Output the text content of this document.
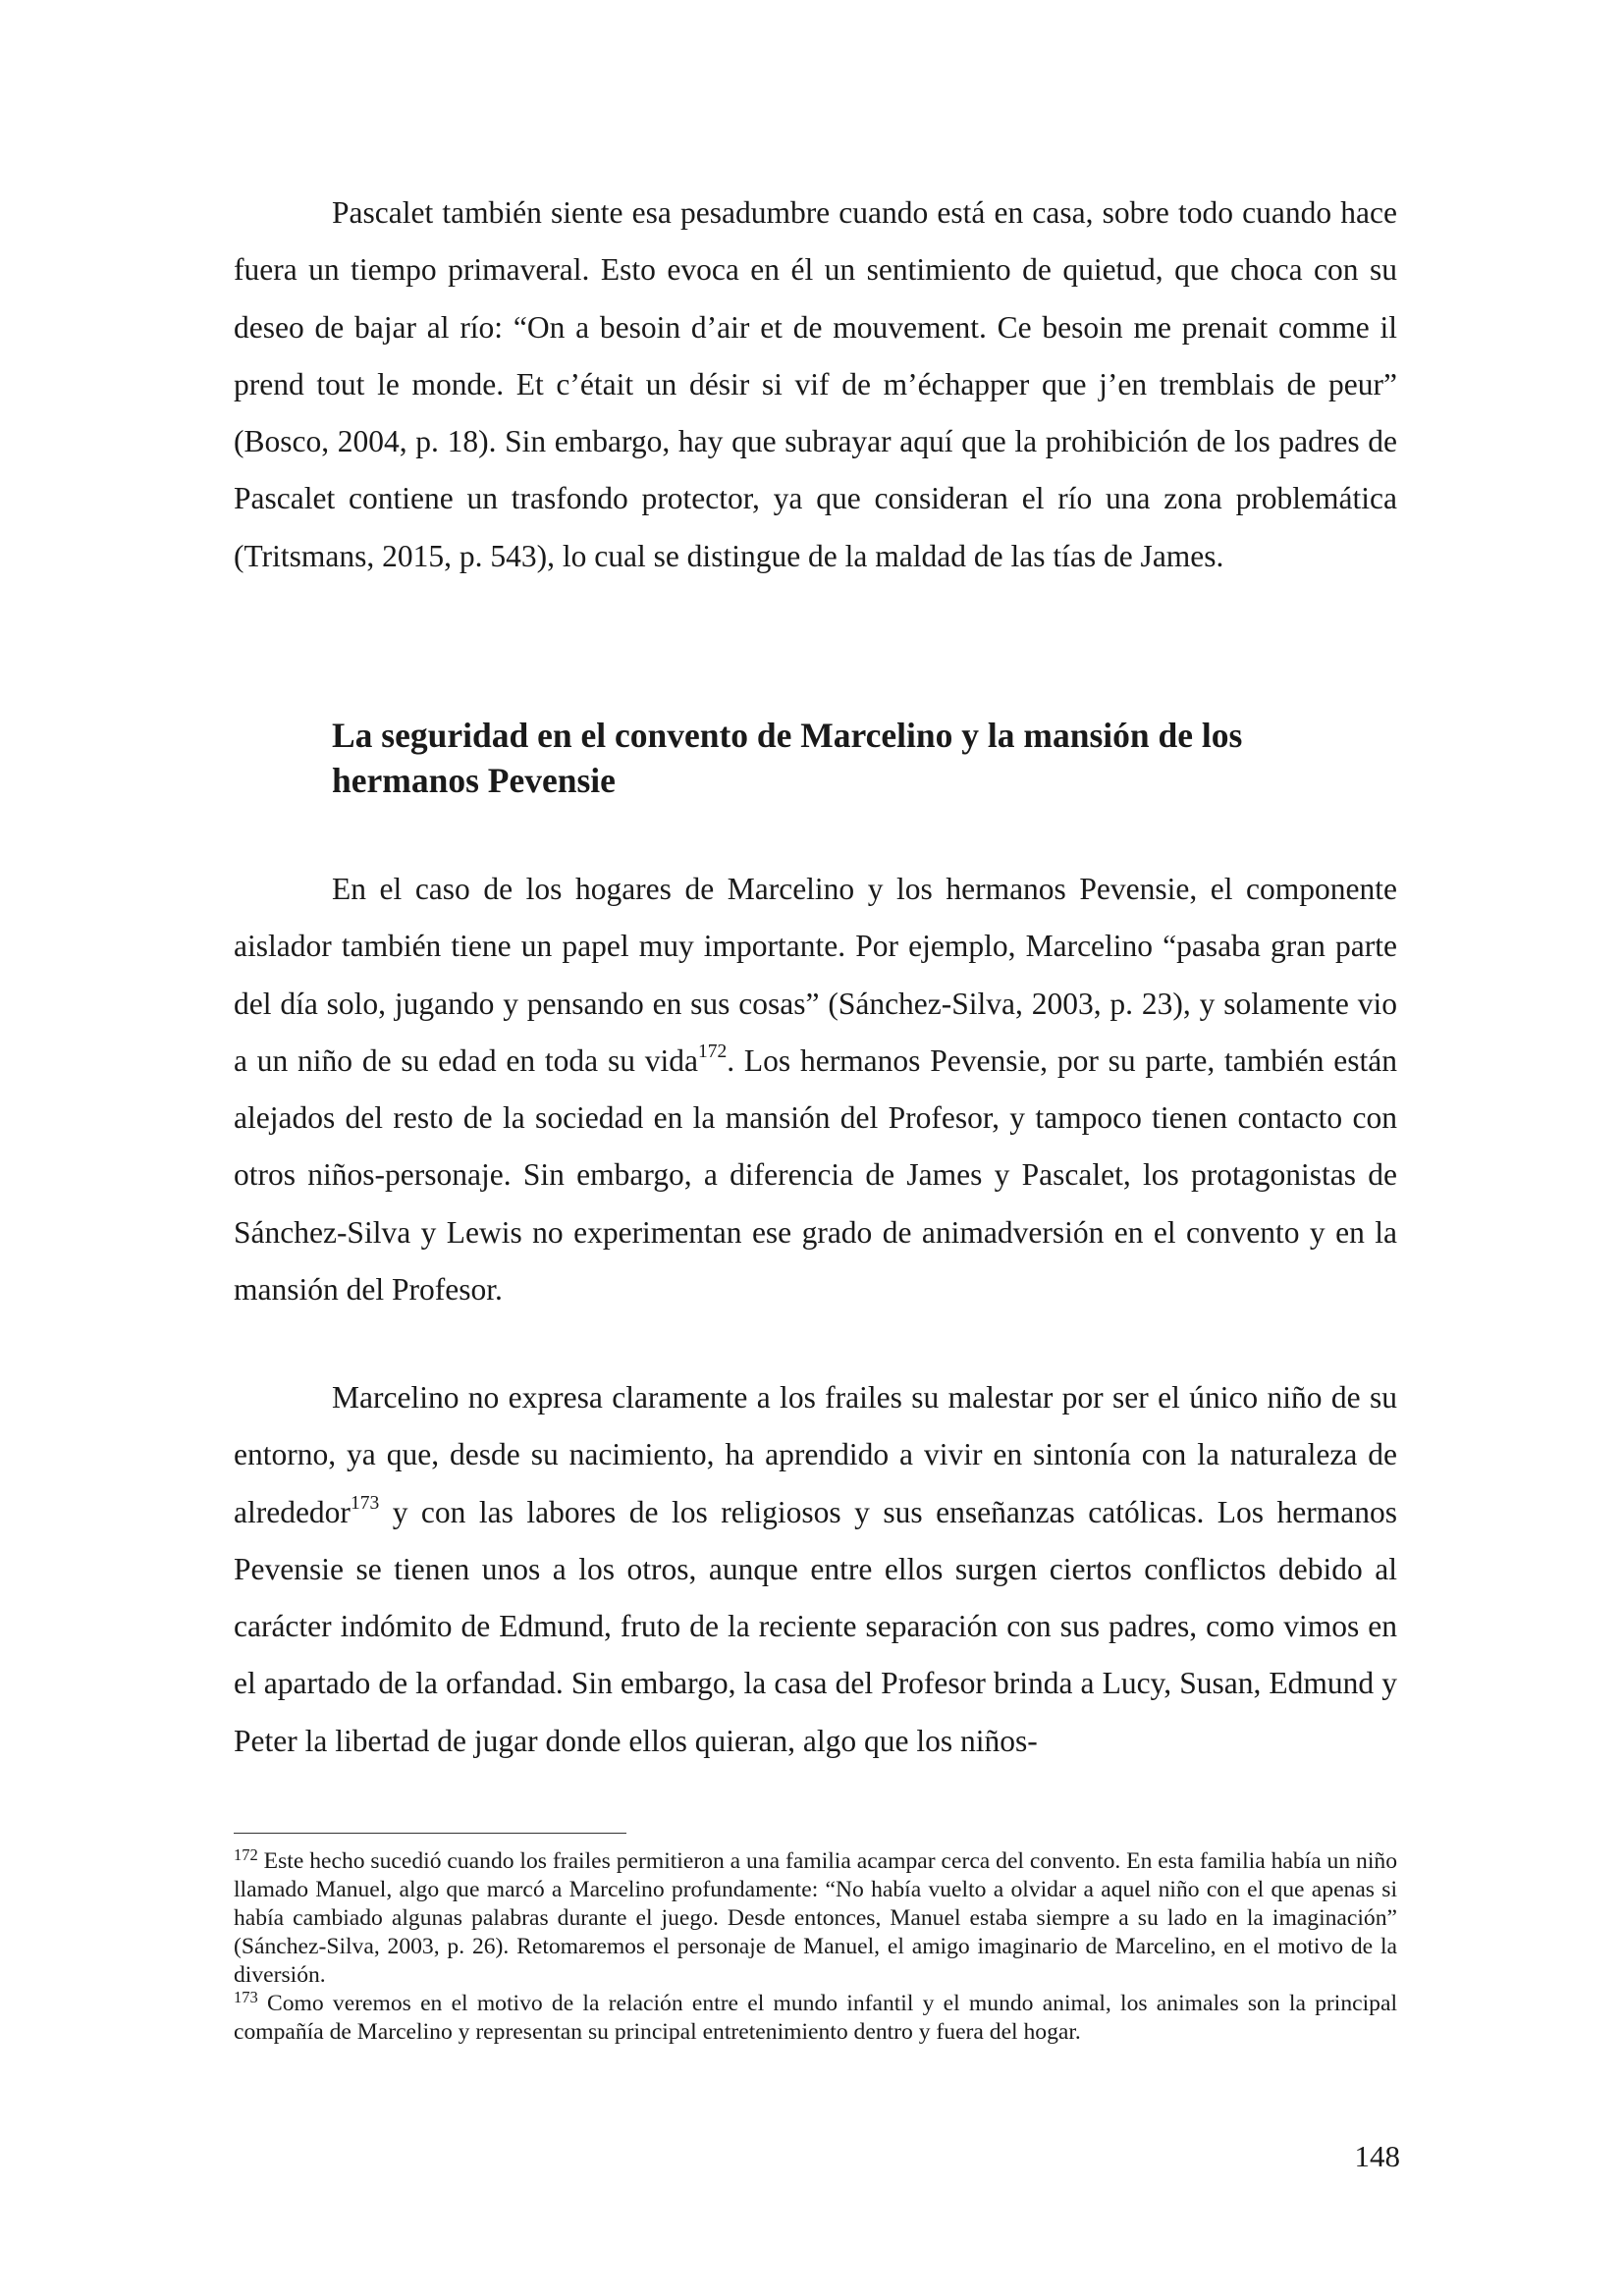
Pascalet también siente esa pesadumbre cuando está en casa, sobre todo cuando hace fuera un tiempo primaveral. Esto evoca en él un sentimiento de quietud, que choca con su deseo de bajar al río: “On a besoin d’air et de mouvement. Ce besoin me prenait comme il prend tout le monde. Et c’était un désir si vif de m’échapper que j’en tremblais de peur” (Bosco, 2004, p. 18). Sin embargo, hay que subrayar aquí que la prohibición de los padres de Pascalet contiene un trasfondo protector, ya que consideran el río una zona problemática (Tritsmans, 2015, p. 543), lo cual se distingue de la maldad de las tías de James.

La seguridad en el convento de Marcelino y la mansión de los hermanos Pevensie

En el caso de los hogares de Marcelino y los hermanos Pevensie, el componente aislador también tiene un papel muy importante. Por ejemplo, Marcelino “pasaba gran parte del día solo, jugando y pensando en sus cosas” (Sánchez-Silva, 2003, p. 23), y solamente vio a un niño de su edad en toda su vida$^{172}$. Los hermanos Pevensie, por su parte, también están alejados del resto de la sociedad en la mansión del Profesor, y tampoco tienen contacto con otros niños-personaje. Sin embargo, a diferencia de James y Pascalet, los protagonistas de Sánchez-Silva y Lewis no experimentan ese grado de animadversión en el convento y en la mansión del Profesor.

Marcelino no expresa claramente a los frailes su malestar por ser el único niño de su entorno, ya que, desde su nacimiento, ha aprendido a vivir en sintonía con la naturaleza de alrededor$^{173}$ y con las labores de los religiosos y sus enseñanzas católicas. Los hermanos Pevensie se tienen unos a los otros, aunque entre ellos surgen ciertos conflictos debido al carácter indómito de Edmund, fruto de la reciente separación con sus padres, como vimos en el apartado de la orfandad. Sin embargo, la casa del Profesor brinda a Lucy, Susan, Edmund y Peter la libertad de jugar donde ellos quieran, algo que los niños-

$^{172}$ Este hecho sucedió cuando los frailes permitieron a una familia acampar cerca del convento. En esta familia había un niño llamado Manuel, algo que marcó a Marcelino profundamente: “No había vuelto a olvidar a aquel niño con el que apenas si había cambiado algunas palabras durante el juego. Desde entonces, Manuel estaba siempre a su lado en la imaginación” (Sánchez-Silva, 2003, p. 26). Retomaremos el personaje de Manuel, el amigo imaginario de Marcelino, en el motivo de la diversión.

$^{173}$ Como veremos en el motivo de la relación entre el mundo infantil y el mundo animal, los animales son la principal compañía de Marcelino y representan su principal entretenimiento dentro y fuera del hogar.

148
